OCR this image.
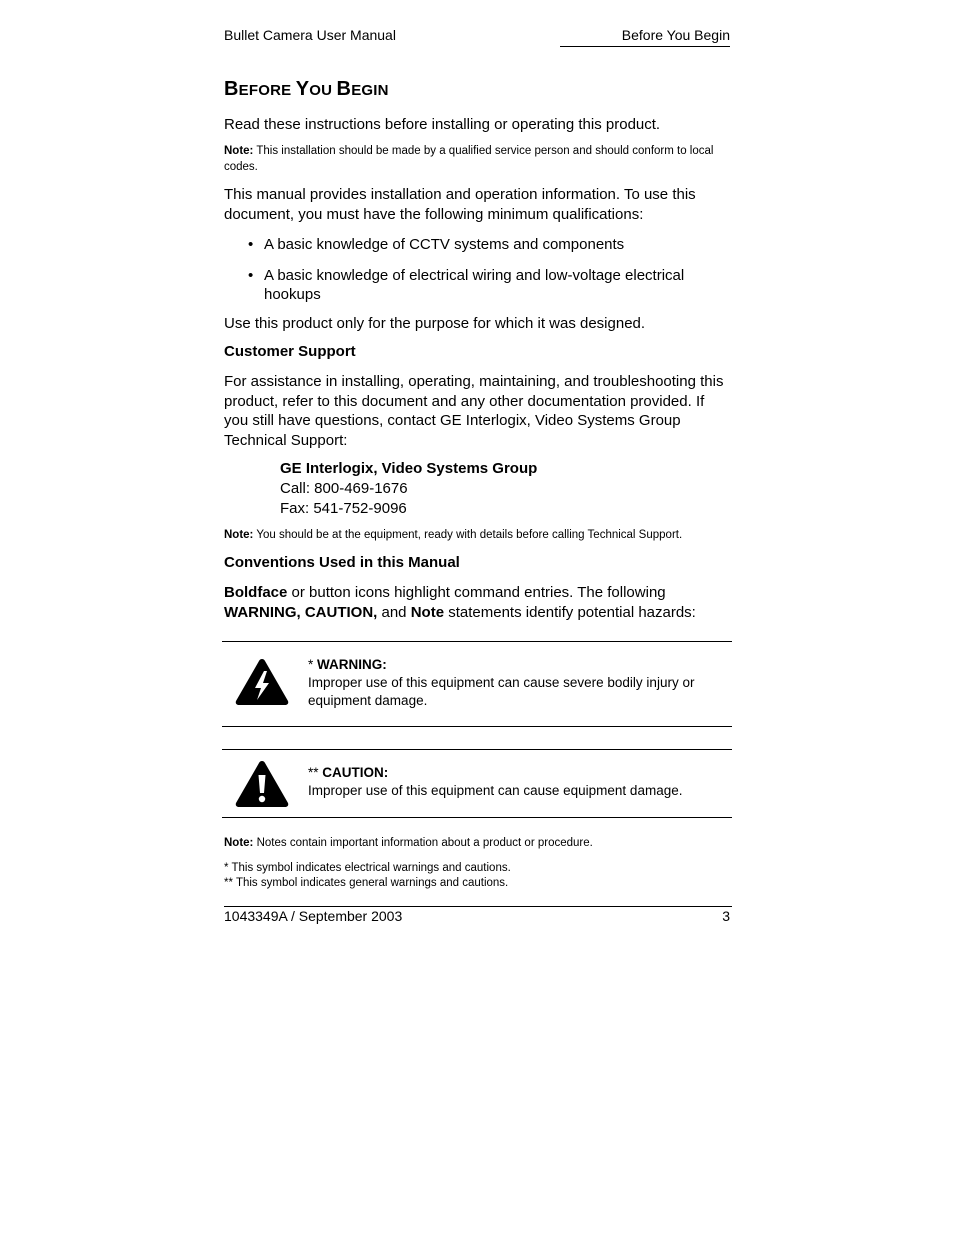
Bullet Camera User Manual	Before You Begin
BEFORE YOU BEGIN
Read these instructions before installing or operating this product.
Note: This installation should be made by a qualified service person and should conform to local codes.
This manual provides installation and operation information. To use this document, you must have the following minimum qualifications:
• A basic knowledge of CCTV systems and components
• A basic knowledge of electrical wiring and low-voltage electrical hookups
Use this product only for the purpose for which it was designed.
Customer Support
For assistance in installing, operating, maintaining, and troubleshooting this product, refer to this document and any other documentation provided. If you still have questions, contact GE Interlogix, Video Systems Group Technical Support:
GE Interlogix, Video Systems Group
Call: 800-469-1676
Fax: 541-752-9096
Note: You should be at the equipment, ready with details before calling Technical Support.
Conventions Used in this Manual
Boldface or button icons highlight command entries. The following WARNING, CAUTION, and Note statements identify potential hazards:
* WARNING:
Improper use of this equipment can cause severe bodily injury or equipment damage.
** CAUTION:
Improper use of this equipment can cause equipment damage.
Note: Notes contain important information about a product or procedure.
* This symbol indicates electrical warnings and cautions.
** This symbol indicates general warnings and cautions.
1043349A / September 2003	3
